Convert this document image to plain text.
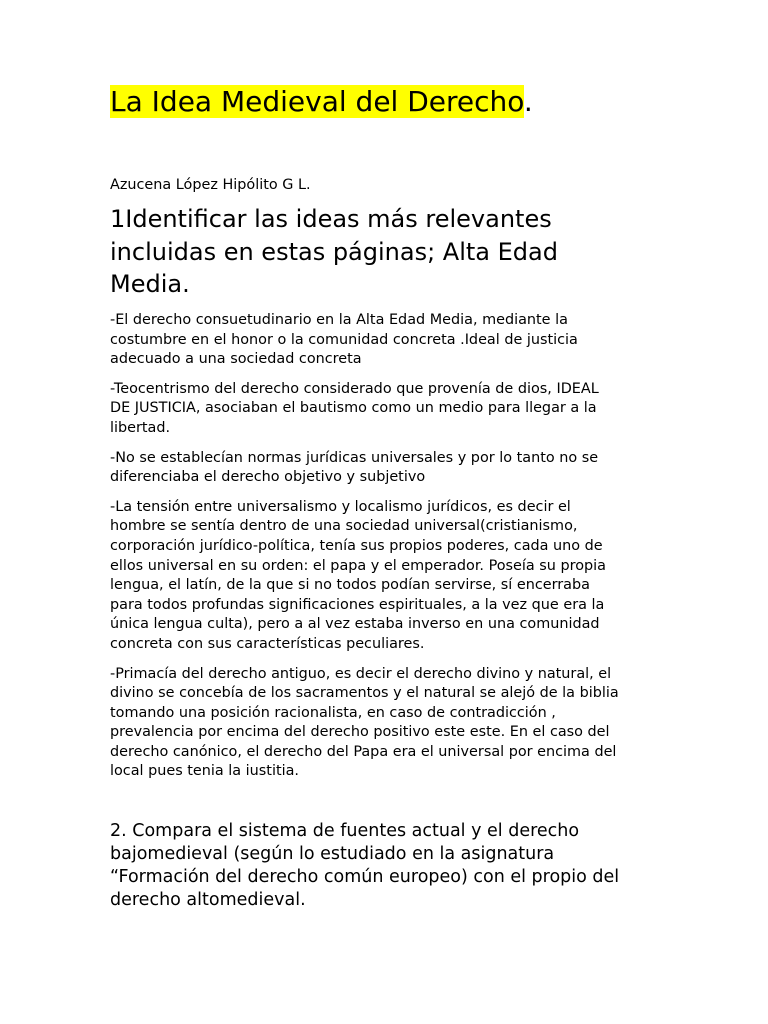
La Idea Medieval del Derecho.
Azucena López Hipólito G L.
1Identificar las ideas más relevantes
incluidas en estas páginas; Alta Edad
Media.

-El derecho consuetudinario en la Alta Edad Media, mediante la
costumbre en el honor o la comunidad concreta .Ideal de justicia
adecuado a una sociedad concreta

-Teocentrismo del derecho considerado que provenía de dios, IDEAL
DE JUSTICIA, asociaban el bautismo como un medio para llegar a la
libertad.

-No se establecían normas jurídicas universales y por lo tanto no se
diferenciaba el derecho objetivo y subjetivo

-La tensión entre universalismo y localismo jurídicos, es decir el
hombre se sentía dentro de una sociedad universal(cristianismo,
corporación jurídico-política, tenía sus propios poderes, cada uno de
ellos universal en su orden: el papa y el emperador. Poseía su propia
lengua, el latín, de la que si no todos podían servirse, sí encerraba
para todos profundas significaciones espirituales, a la vez que era la
única lengua culta), pero a al vez estaba inverso en una comunidad
concreta con sus características peculiares.

-Primacía del derecho antiguo, es decir el derecho divino y natural, el
divino se concebía de los sacramentos y el natural se alejó de la biblia
tomando una posición racionalista, en caso de contradicción ,
prevalencia por encima del derecho positivo este este. En el caso del
derecho canónico, el derecho del Papa era el universal por encima del
local pues tenia la iustitia.

2. Compara el sistema de fuentes actual y el derecho
bajomedieval (según lo estudiado en la asignatura
“Formación del derecho común europeo) con el propio del
derecho altomedieval.
